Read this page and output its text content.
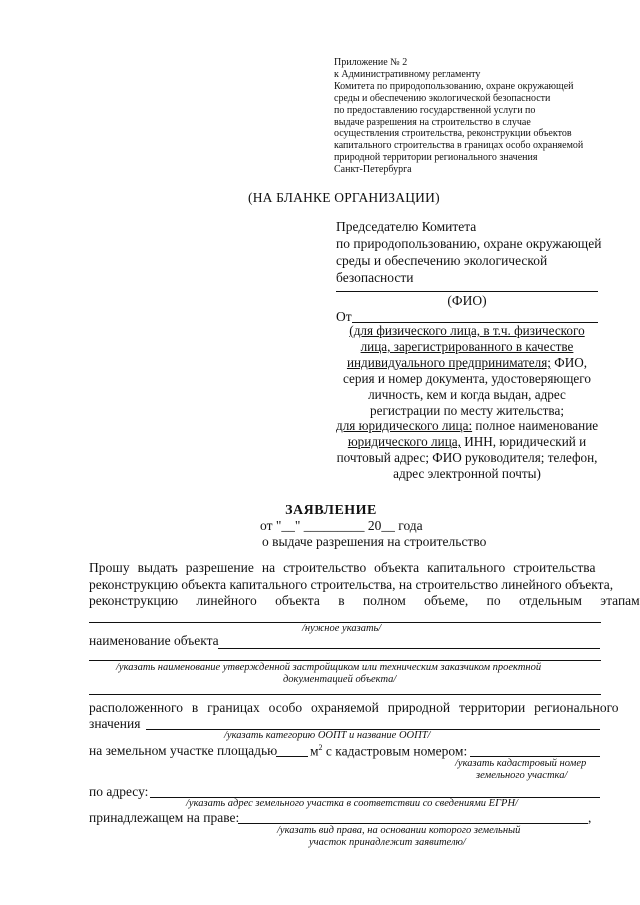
Приложение № 2
к Административному регламенту
Комитета по природопользованию, охране окружающей
среды и обеспечению экологической безопасности
по предоставлению государственной услуги по
выдаче разрешения на строительство в случае
осуществления строительства, реконструкции объектов
капитального строительства в границах особо охраняемой
природной территории регионального значения
Санкт-Петербурга
(НА БЛАНКЕ ОРГАНИЗАЦИИ)
Председателю Комитета
по природопользованию, охране окружающей
среды и обеспечению экологической
безопасности
(ФИО)
От
(для физического лица, в т.ч. физического
лица, зарегистрированного в качестве
индивидуального предпринимателя; ФИО,
серия и номер документа, удостоверяющего
личность, кем и когда выдан, адрес
регистрации по месту жительства;
для юридического лица: полное наименование
юридического лица, ИНН, юридический и
почтовый адрес; ФИО руководителя; телефон,
адрес электронной почты)
ЗАЯВЛЕНИЕ
от "__" _________ 20__ года
о выдаче разрешения на строительство
Прошу выдать разрешение на строительство объекта капитального строительства
реконструкцию объекта капитального строительства, на строительство линейного объекта,
реконструкцию линейного объекта в полном объеме, по отдельным этапам
/нужное указать/
наименование объекта
/указать наименование утвержденной застройщиком или техническим заказчиком проектной
документацией объекта/
расположенного в границах особо охраняемой природной территории регионального
значения
/указать категорию ООПТ и название ООПТ/
на земельном участке площадью $м^2$ с кадастровым номером:
/указать кадастровый номер
земельного участка/
по адресу:
/указать адрес земельного участка в соответствии со сведениями ЕГРН/
принадлежащем на праве:	,
/указать вид права, на основании которого земельный
участок принадлежит заявителю/
